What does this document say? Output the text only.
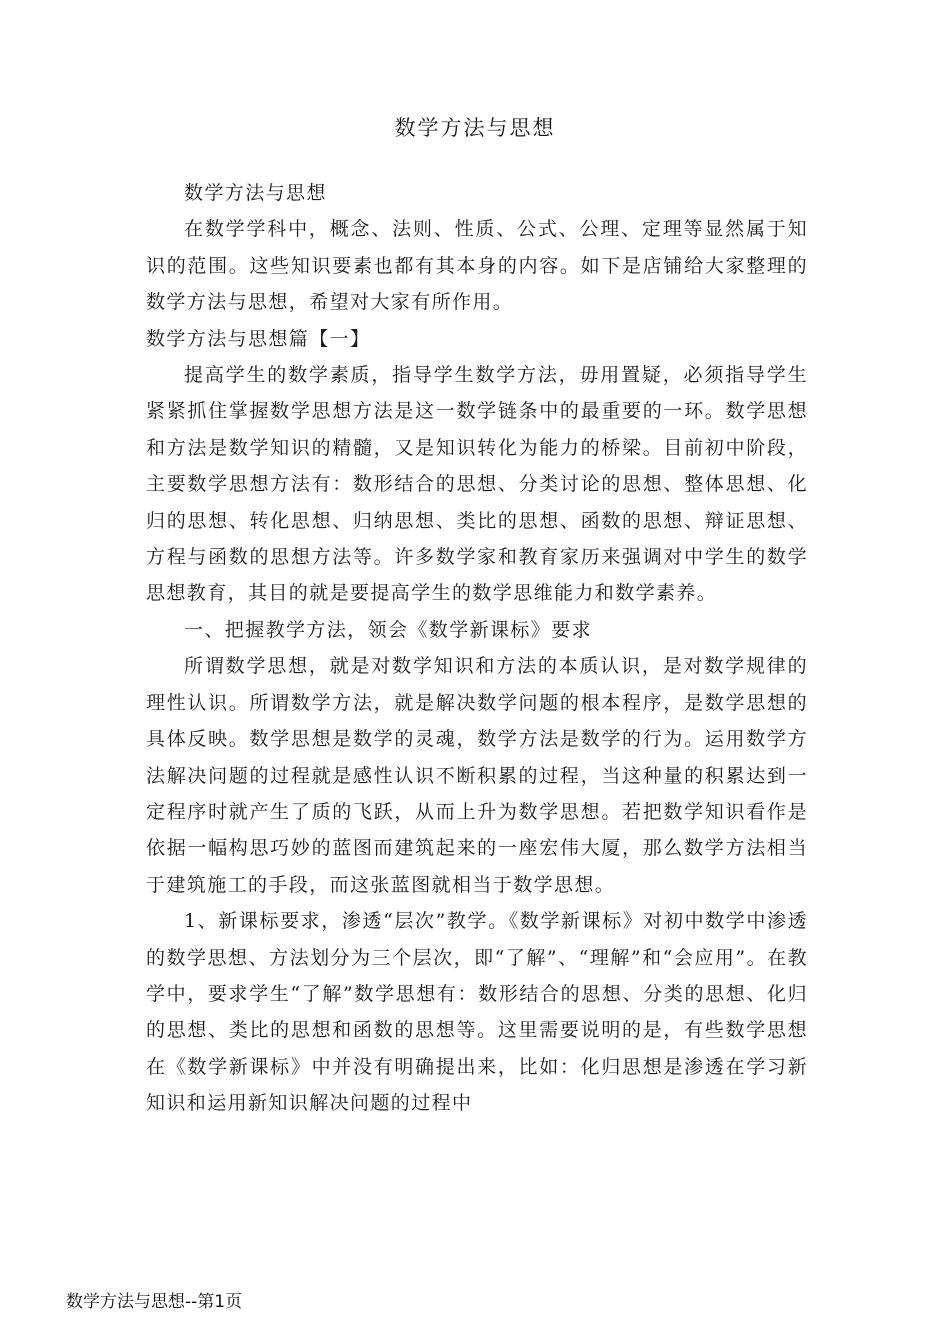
数学方法与思想

数学方法与思想

在数学学科中，概念、法则、性质、公式、公理、定理等显然属于知识的范围。这些知识要素也都有其本身的内容。如下是店铺给大家整理的数学方法与思想，希望对大家有所作用。

数学方法与思想篇【一】

提高学生的数学素质，指导学生数学方法，毋用置疑，必须指导学生紧紧抓住掌握数学思想方法是这一数学链条中的最重要的一环。数学思想和方法是数学知识的精髓，又是知识转化为能力的桥梁。目前初中阶段，主要数学思想方法有：数形结合的思想、分类讨论的思想、整体思想、化归的思想、转化思想、归纳思想、类比的思想、函数的思想、辩证思想、方程与函数的思想方法等。许多数学家和教育家历来强调对中学生的数学思想教育，其目的就是要提高学生的数学思维能力和数学素养。

一、把握教学方法，领会《数学新课标》要求

所谓数学思想，就是对数学知识和方法的本质认识，是对数学规律的理性认识。所谓数学方法，就是解决数学问题的根本程序，是数学思想的具体反映。数学思想是数学的灵魂，数学方法是数学的行为。运用数学方法解决问题的过程就是感性认识不断积累的过程，当这种量的积累达到一定程序时就产生了质的飞跃，从而上升为数学思想。若把数学知识看作是依据一幅构思巧妙的蓝图而建筑起来的一座宏伟大厦，那么数学方法相当于建筑施工的手段，而这张蓝图就相当于数学思想。

1、新课标要求，渗透“层次”教学。《数学新课标》对初中数学中渗透的数学思想、方法划分为三个层次，即“了解”、“理解”和“会应用”。在教学中，要求学生“了解”数学思想有：数形结合的思想、分类的思想、化归的思想、类比的思想和函数的思想等。这里需要说明的是，有些数学思想在《数学新课标》中并没有明确提出来，比如：化归思想是渗透在学习新知识和运用新知识解决问题的过程中

数学方法与思想--第1页
